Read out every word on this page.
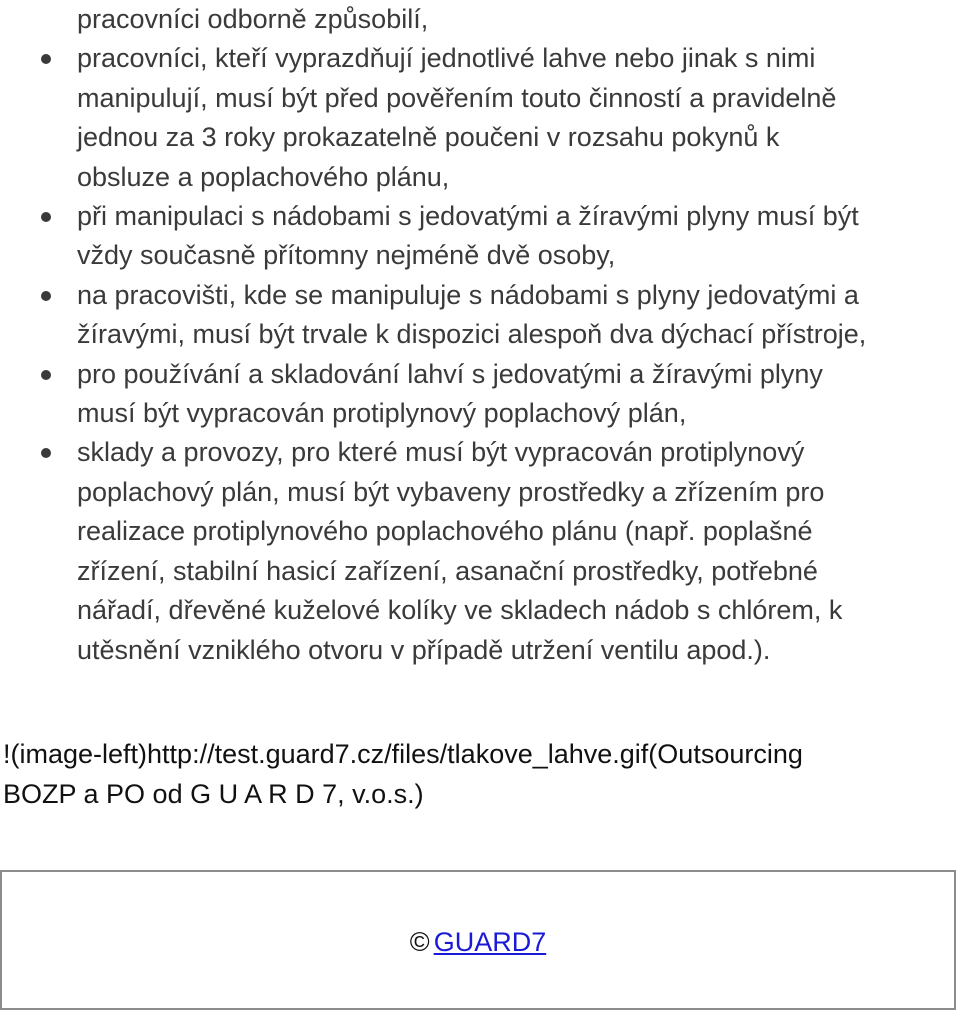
pracovníci odborně způsobilí,
pracovníci, kteří vyprazdňují jednotlivé lahve nebo jinak s nimi
manipulují, musí být před pověřením touto činností a pravidelně
jednou za 3 roky prokazatelně poučeni v rozsahu pokynů k
obsluze a poplachového plánu,
při manipulaci s nádobami s jedovatými a žíravými plyny musí být
vždy současně přítomny nejméně dvě osoby,
na pracovišti, kde se manipuluje s nádobami s plyny jedovatými a
žíravými, musí být trvale k dispozici alespoň dva dýchací přístroje,
pro používání a skladování lahví s jedovatými a žíravými plyny
musí být vypracován protiplynový poplachový plán,
sklady a provozy, pro které musí být vypracován protiplynový
poplachový plán, musí být vybaveny prostředky a zřízením pro
realizace protiplynového poplachového plánu (např. poplašné
zřízení, stabilní hasicí zařízení, asanační prostředky, potřebné
nářadí, dřevěné kuželové kolíky ve skladech nádob s chlórem, k
utěsnění vzniklého otvoru v případě utržení ventilu apod.).
!(image-left)http://test.guard7.cz/files/tlakove_lahve.gif(Outsourcing
BOZP a PO od G U A R D 7, v.o.s.)
© GUARD7
